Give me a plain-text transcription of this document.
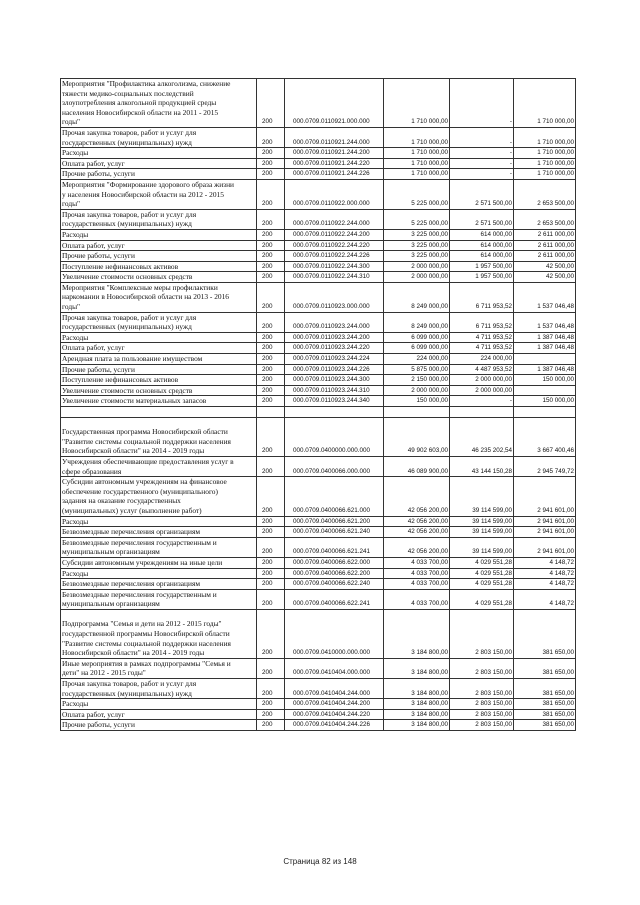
Мероприятия "Профилактика алкоголизма, снижение
тяжести медико-социальных последствий
злоупотребления алкогольной продукцией среды
населения Новосибирской области на 2011 - 2015
годы"	200	000.0709.0110921.000.000	1 710 000,00	-	1 710 000,00
Прочая закупка товаров, работ и услуг для
государственных (муниципальных) нужд	200	000.0709.0110921.244.000	1 710 000,00	-	1 710 000,00
Расходы	200	000.0709.0110921.244.200	1 710 000,00	-	1 710 000,00
Оплата работ, услуг	200	000.0709.0110921.244.220	1 710 000,00	-	1 710 000,00
Прочие работы, услуги	200	000.0709.0110921.244.226	1 710 000,00	-	1 710 000,00
Мероприятия "Формирование здорового образа жизни
у населения Новосибирской области на 2012 - 2015
годы"	200	000.0709.0110922.000.000	5 225 000,00	2 571 500,00	2 653 500,00
Прочая закупка товаров, работ и услуг для
государственных (муниципальных) нужд	200	000.0709.0110922.244.000	5 225 000,00	2 571 500,00	2 653 500,00
Расходы	200	000.0709.0110922.244.200	3 225 000,00	614 000,00	2 611 000,00
Оплата работ, услуг	200	000.0709.0110922.244.220	3 225 000,00	614 000,00	2 611 000,00
Прочие работы, услуги	200	000.0709.0110922.244.226	3 225 000,00	614 000,00	2 611 000,00
Поступление нефинансовых активов	200	000.0709.0110922.244.300	2 000 000,00	1 957 500,00	42 500,00
Увеличение стоимости основных средств	200	000.0709.0110922.244.310	2 000 000,00	1 957 500,00	42 500,00
Мероприятия "Комплексные меры профилактики
наркомании в Новосибирской области на 2013 - 2016
годы"	200	000.0709.0110923.000.000	8 249 000,00	6 711 953,52	1 537 046,48
Прочая закупка товаров, работ и услуг для
государственных (муниципальных) нужд	200	000.0709.0110923.244.000	8 249 000,00	6 711 953,52	1 537 046,48
Расходы	200	000.0709.0110923.244.200	6 099 000,00	4 711 953,52	1 387 046,48
Оплата работ, услуг	200	000.0709.0110923.244.220	6 099 000,00	4 711 953,52	1 387 046,48
Арендная плата за пользование имуществом	200	000.0709.0110923.244.224	224 000,00	224 000,00	
Прочие работы, услуги	200	000.0709.0110923.244.226	5 875 000,00	4 487 953,52	1 387 046,48
Поступление нефинансовых активов	200	000.0709.0110923.244.300	2 150 000,00	2 000 000,00	150 000,00
Увеличение стоимости основных средств	200	000.0709.0110923.244.310	2 000 000,00	2 000 000,00	
Увеличение стоимости материальных запасов	200	000.0709.0110923.244.340	150 000,00	-	150 000,00

Государственная программа Новосибирской области
"Развитие системы социальной поддержки населения
Новосибирской области" на 2014 - 2019 годы	200	000.0709.0400000.000.000	49 902 603,00	46 235 202,54	3 667 400,46
Учреждения обеспечивающие предоставления услуг в
сфере образования	200	000.0709.0400066.000.000	46 089 900,00	43 144 150,28	2 945 749,72
Субсидии автономным учреждениям на финансовое
обеспечение государственного (муниципального)
задания на оказание государственных
(муниципальных) услуг (выполнение работ)	200	000.0709.0400066.621.000	42 056 200,00	39 114 599,00	2 941 601,00
Расходы	200	000.0709.0400066.621.200	42 056 200,00	39 114 599,00	2 941 601,00
Безвозмездные перечисления организациям	200	000.0709.0400066.621.240	42 056 200,00	39 114 599,00	2 941 601,00
Безвозмездные перечисления государственным и
муниципальным организациям	200	000.0709.0400066.621.241	42 056 200,00	39 114 599,00	2 941 601,00
Субсидии автономным учреждениям на иные цели	200	000.0709.0400066.622.000	4 033 700,00	4 029 551,28	4 148,72
Расходы	200	000.0709.0400066.622.200	4 033 700,00	4 029 551,28	4 148,72
Безвозмездные перечисления организациям	200	000.0709.0400066.622.240	4 033 700,00	4 029 551,28	4 148,72
Безвозмездные перечисления государственным и
муниципальным организациям	200	000.0709.0400066.622.241	4 033 700,00	4 029 551,28	4 148,72

Подпрограмма "Семья и дети на 2012 - 2015 годы"
государственной программы Новосибирской области
"Развитие системы социальной поддержки населения
Новосибирской области" на 2014 - 2019 годы	200	000.0709.0410000.000.000	3 184 800,00	2 803 150,00	381 650,00
Иные мероприятия в рамках подпрограммы "Семья и
дети" на 2012 - 2015 годы"	200	000.0709.0410404.000.000	3 184 800,00	2 803 150,00	381 650,00
Прочая закупка товаров, работ и услуг для
государственных (муниципальных) нужд	200	000.0709.0410404.244.000	3 184 800,00	2 803 150,00	381 650,00
Расходы	200	000.0709.0410404.244.200	3 184 800,00	2 803 150,00	381 650,00
Оплата работ, услуг	200	000.0709.0410404.244.220	3 184 800,00	2 803 150,00	381 650,00
Прочие работы, услуги	200	000.0709.0410404.244.226	3 184 800,00	2 803 150,00	381 650,00
Страница 82 из 148
